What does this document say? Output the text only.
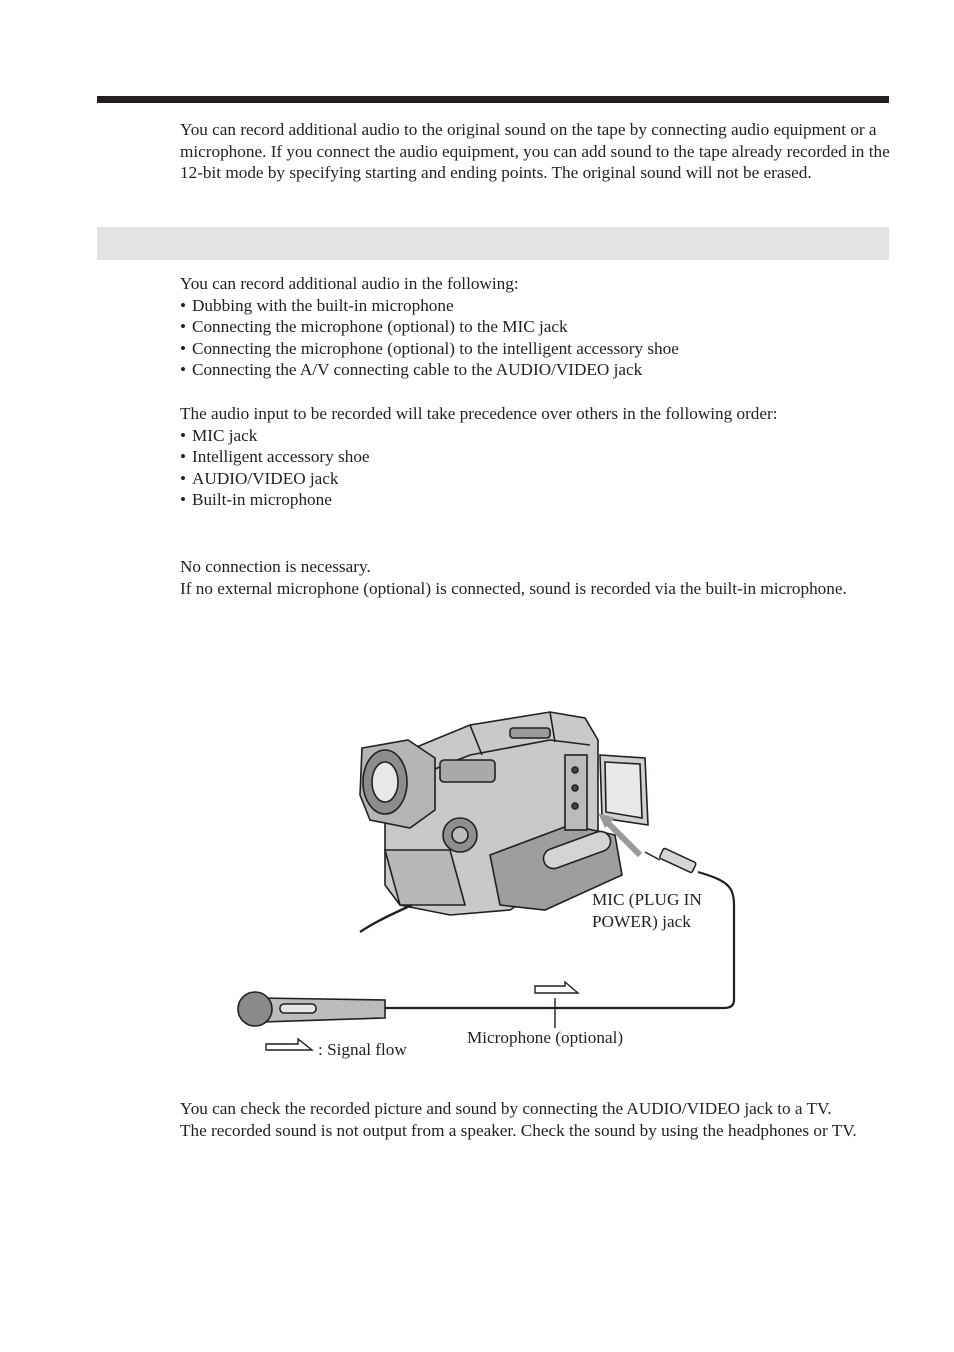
You can record additional audio to the original sound on the tape by connecting audio equipment or a microphone. If you connect the audio equipment, you can add sound to the tape already recorded in the 12-bit mode by specifying starting and ending points. The original sound will not be erased.

You can record additional audio in the following:

• Dubbing with the built-in microphone
• Connecting the microphone (optional) to the MIC jack
• Connecting the microphone (optional) to the intelligent accessory shoe
• Connecting the A/V connecting cable to the AUDIO/VIDEO jack

The audio input to be recorded will take precedence over others in the following order:

• MIC jack
• Intelligent accessory shoe
• AUDIO/VIDEO jack
• Built-in microphone

No connection is necessary.

If no external microphone (optional) is connected, sound is recorded via the built-in microphone.

MIC (PLUG IN
POWER) jack
Microphone (optional)
: Signal flow

You can check the recorded picture and sound by connecting the AUDIO/VIDEO jack to a TV.

The recorded sound is not output from a speaker. Check the sound by using the headphones or TV.
